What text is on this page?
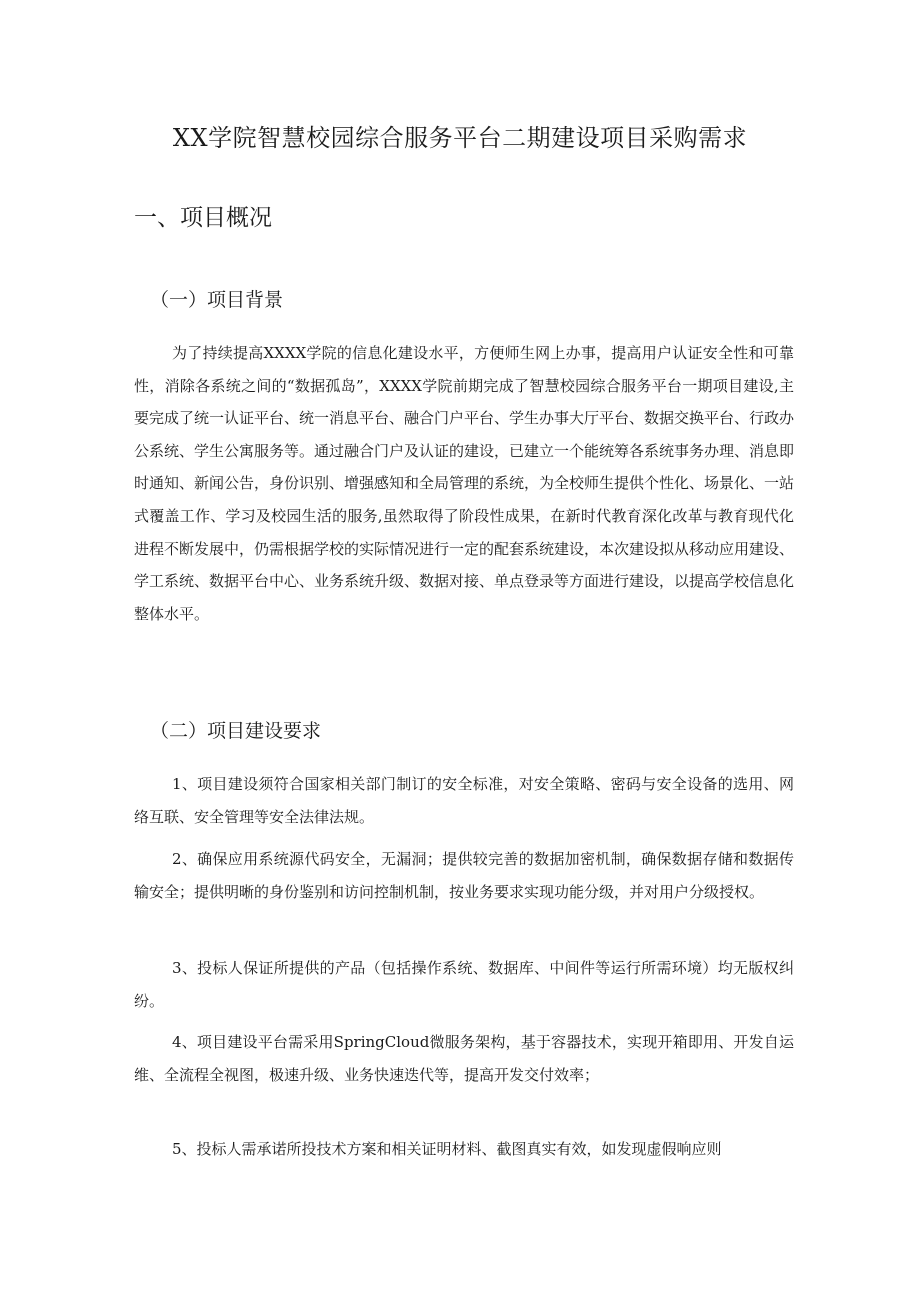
XX学院智慧校园综合服务平台二期建设项目采购需求
一、项目概况
（一）项目背景

为了持续提高XXXX学院的信息化建设水平，方便师生网上办事，提高用户认证安全性和可靠性，消除各系统之间的“数据孤岛”，XXXX学院前期完成了智慧校园综合服务平台一期项目建设,主要完成了统一认证平台、统一消息平台、融合门户平台、学生办事大厅平台、数据交换平台、行政办公系统、学生公寓服务等。通过融合门户及认证的建设，已建立一个能统筹各系统事务办理、消息即时通知、新闻公告，身份识别、增强感知和全局管理的系统，为全校师生提供个性化、场景化、一站式覆盖工作、学习及校园生活的服务,虽然取得了阶段性成果，在新时代教育深化改革与教育现代化进程不断发展中，仍需根据学校的实际情况进行一定的配套系统建设，本次建设拟从移动应用建设、学工系统、数据平台中心、业务系统升级、数据对接、单点登录等方面进行建设，以提高学校信息化整体水平。

（二）项目建设要求

1、项目建设须符合国家相关部门制订的安全标准，对安全策略、密码与安全设备的选用、网络互联、安全管理等安全法律法规。

2、确保应用系统源代码安全，无漏洞；提供较完善的数据加密机制，确保数据存储和数据传输安全；提供明晰的身份鉴别和访问控制机制，按业务要求实现功能分级，并对用户分级授权。

3、投标人保证所提供的产品（包括操作系统、数据库、中间件等运行所需环境）均无版权纠纷。

4、项目建设平台需采用SpringCloud微服务架构，基于容器技术，实现开箱即用、开发自运维、全流程全视图，极速升级、业务快速迭代等，提高开发交付效率；

5、投标人需承诺所投技术方案和相关证明材料、截图真实有效，如发现虚假响应则
